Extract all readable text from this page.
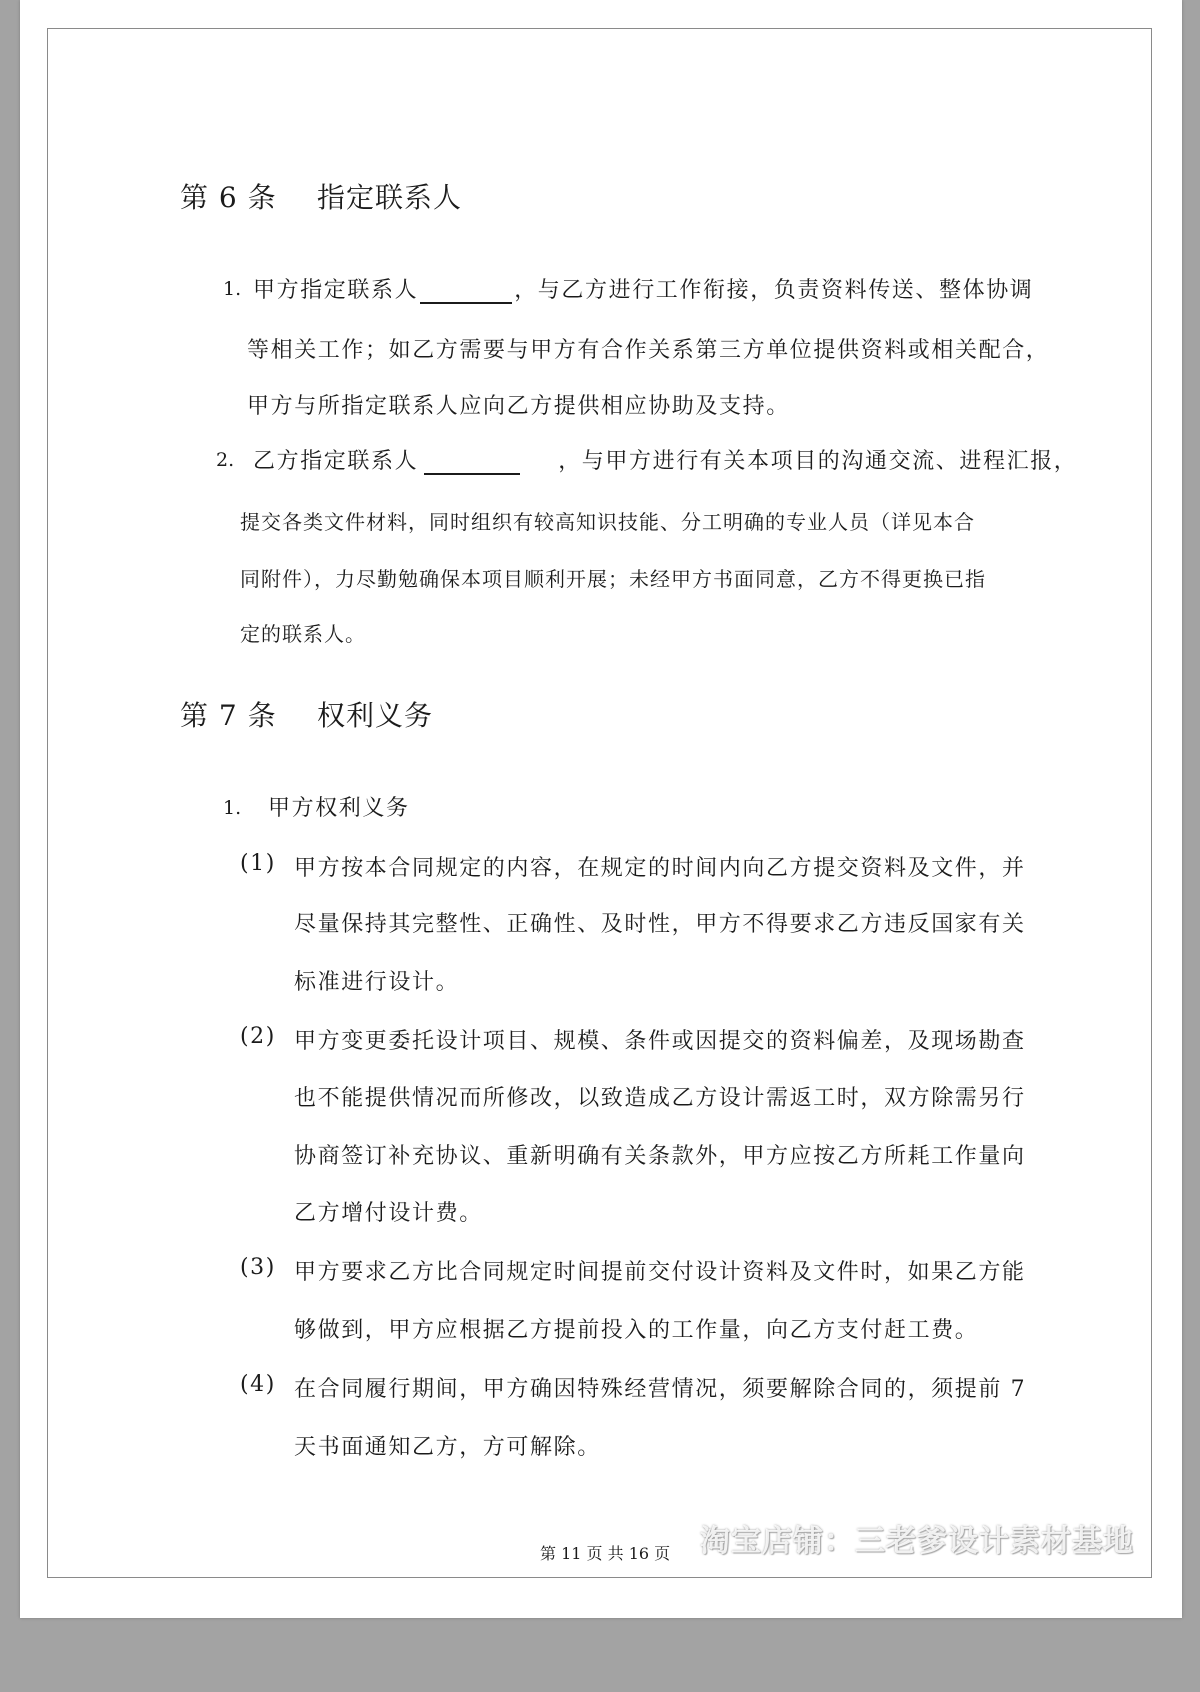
第 6 条 指定联系人
1. 甲方指定联系人	，与乙方进行工作衔接，负责资料传送、整体协调
等相关工作；如乙方需要与甲方有合作关系第三方单位提供资料或相关配合，
甲方与所指定联系人应向乙方提供相应协助及支持。
2. 乙方指定联系人	，与甲方进行有关本项目的沟通交流、进程汇报，
提交各类文件材料，同时组织有较高知识技能、分工明确的专业人员（详见本合
同附件），力尽勤勉确保本项目顺利开展；未经甲方书面同意，乙方不得更换已指
定的联系人。
第 7 条 权利义务
1. 甲方权利义务
(1) 甲方按本合同规定的内容，在规定的时间内向乙方提交资料及文件，并
尽量保持其完整性、正确性、及时性，甲方不得要求乙方违反国家有关
标准进行设计。
(2) 甲方变更委托设计项目、规模、条件或因提交的资料偏差，及现场勘查
也不能提供情况而所修改，以致造成乙方设计需返工时，双方除需另行
协商签订补充协议、重新明确有关条款外，甲方应按乙方所耗工作量向
乙方增付设计费。
(3) 甲方要求乙方比合同规定时间提前交付设计资料及文件时，如果乙方能
够做到，甲方应根据乙方提前投入的工作量，向乙方支付赶工费。
(4) 在合同履行期间，甲方确因特殊经营情况，须要解除合同的，须提前 7
天书面通知乙方，方可解除。
第 11 页 共 16 页 淘宝店铺：三老爹设计素材基地
